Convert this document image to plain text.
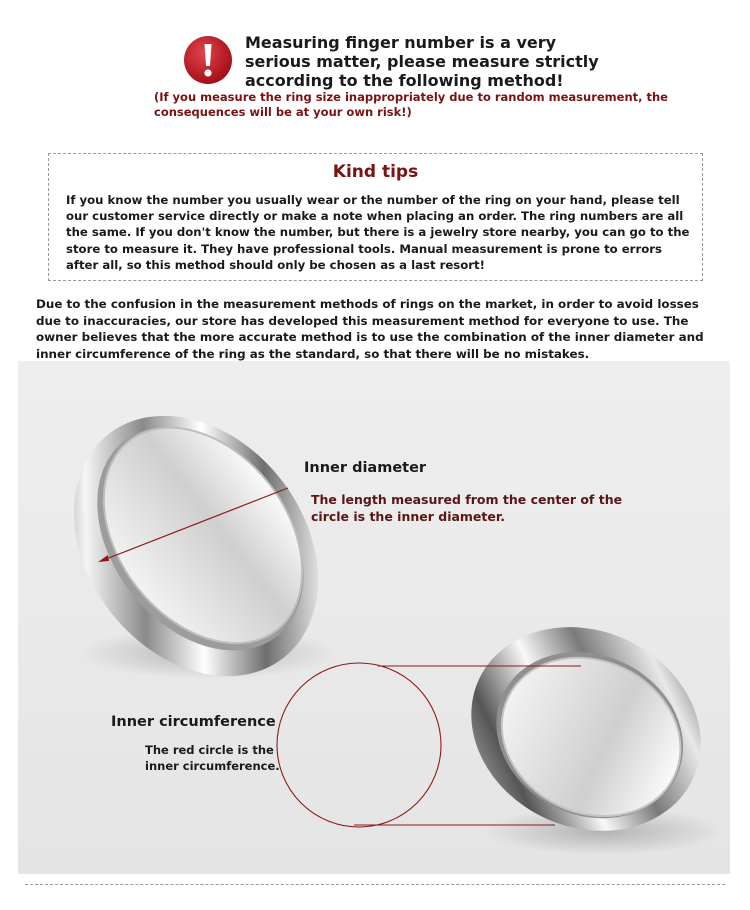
Measuring finger number is a very serious matter, please measure strictly according to the following method!
(If you measure the ring size inappropriately due to random measurement, the consequences will be at your own risk!)
Kind tips
If you know the number you usually wear or the number of the ring on your hand, please tell our customer service directly or make a note when placing an order. The ring numbers are all the same. If you don't know the number, but there is a jewelry store nearby, you can go to the store to measure it. They have professional tools. Manual measurement is prone to errors after all, so this method should only be chosen as a last resort!
Due to the confusion in the measurement methods of rings on the market, in order to avoid losses due to inaccuracies, our store has developed this measurement method for everyone to use. The owner believes that the more accurate method is to use the combination of the inner diameter and inner circumference of the ring as the standard, so that there will be no mistakes.
Inner diameter
The length measured from the center of the circle is the inner diameter.
Inner circumference
The red circle is the inner circumference.
